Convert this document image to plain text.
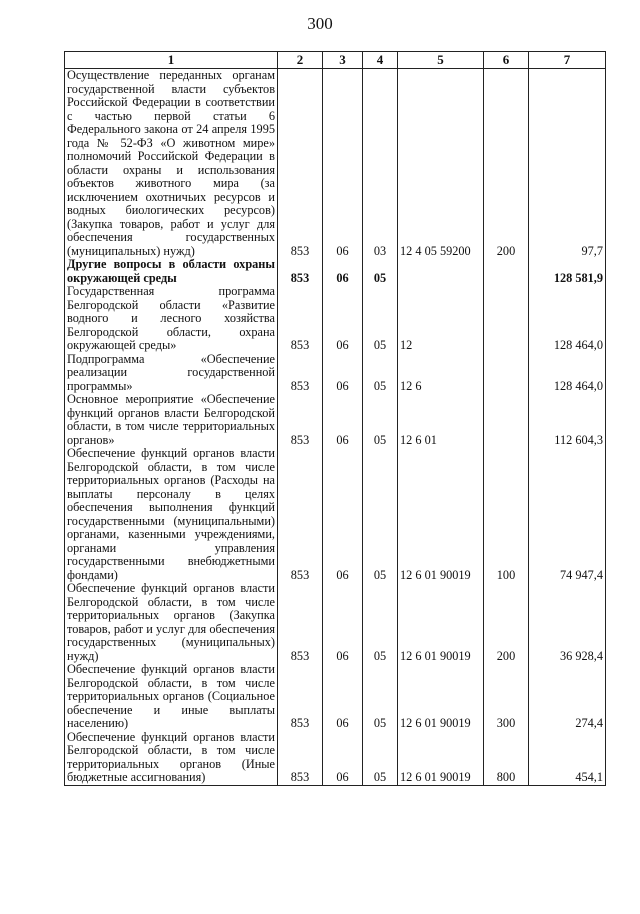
300
1	2	3	4	5	6	7
Осуществление переданных органам государственной власти субъектов Российской Федерации в соответствии с частью первой статьи 6 Федерального закона от 24 апреля 1995 года № 52-ФЗ «О животном мире» полномочий Российской Федерации в области охраны и использования объектов животного мира (за исключением охотничьих ресурсов и водных биологических ресурсов) (Закупка товаров, работ и услуг для обеспечения государственных (муниципальных) нужд)	853	06	03	12 4 05 59200	200	97,7
Другие вопросы в области охраны окружающей среды	853	06	05			128 581,9
Государственная программа Белгородской области «Развитие водного и лесного хозяйства Белгородской области, охрана окружающей среды»	853	06	05	12		128 464,0
Подпрограмма «Обеспечение реализации государственной программы»	853	06	05	12 6		128 464,0
Основное мероприятие «Обеспечение функций органов власти Белгородской области, в том числе территориальных органов»	853	06	05	12 6 01		112 604,3
Обеспечение функций органов власти Белгородской области, в том числе территориальных органов (Расходы на выплаты персоналу в целях обеспечения выполнения функций государственными (муниципальными) органами, казенными учреждениями, органами управления государственными внебюджетными фондами)	853	06	05	12 6 01 90019	100	74 947,4
Обеспечение функций органов власти Белгородской области, в том числе территориальных органов (Закупка товаров, работ и услуг для обеспечения государственных (муниципальных) нужд)	853	06	05	12 6 01 90019	200	36 928,4
Обеспечение функций органов власти Белгородской области, в том числе территориальных органов (Социальное обеспечение и иные выплаты населению)	853	06	05	12 6 01 90019	300	274,4
Обеспечение функций органов власти Белгородской области, в том числе территориальных органов (Иные бюджетные ассигнования)	853	06	05	12 6 01 90019	800	454,1
